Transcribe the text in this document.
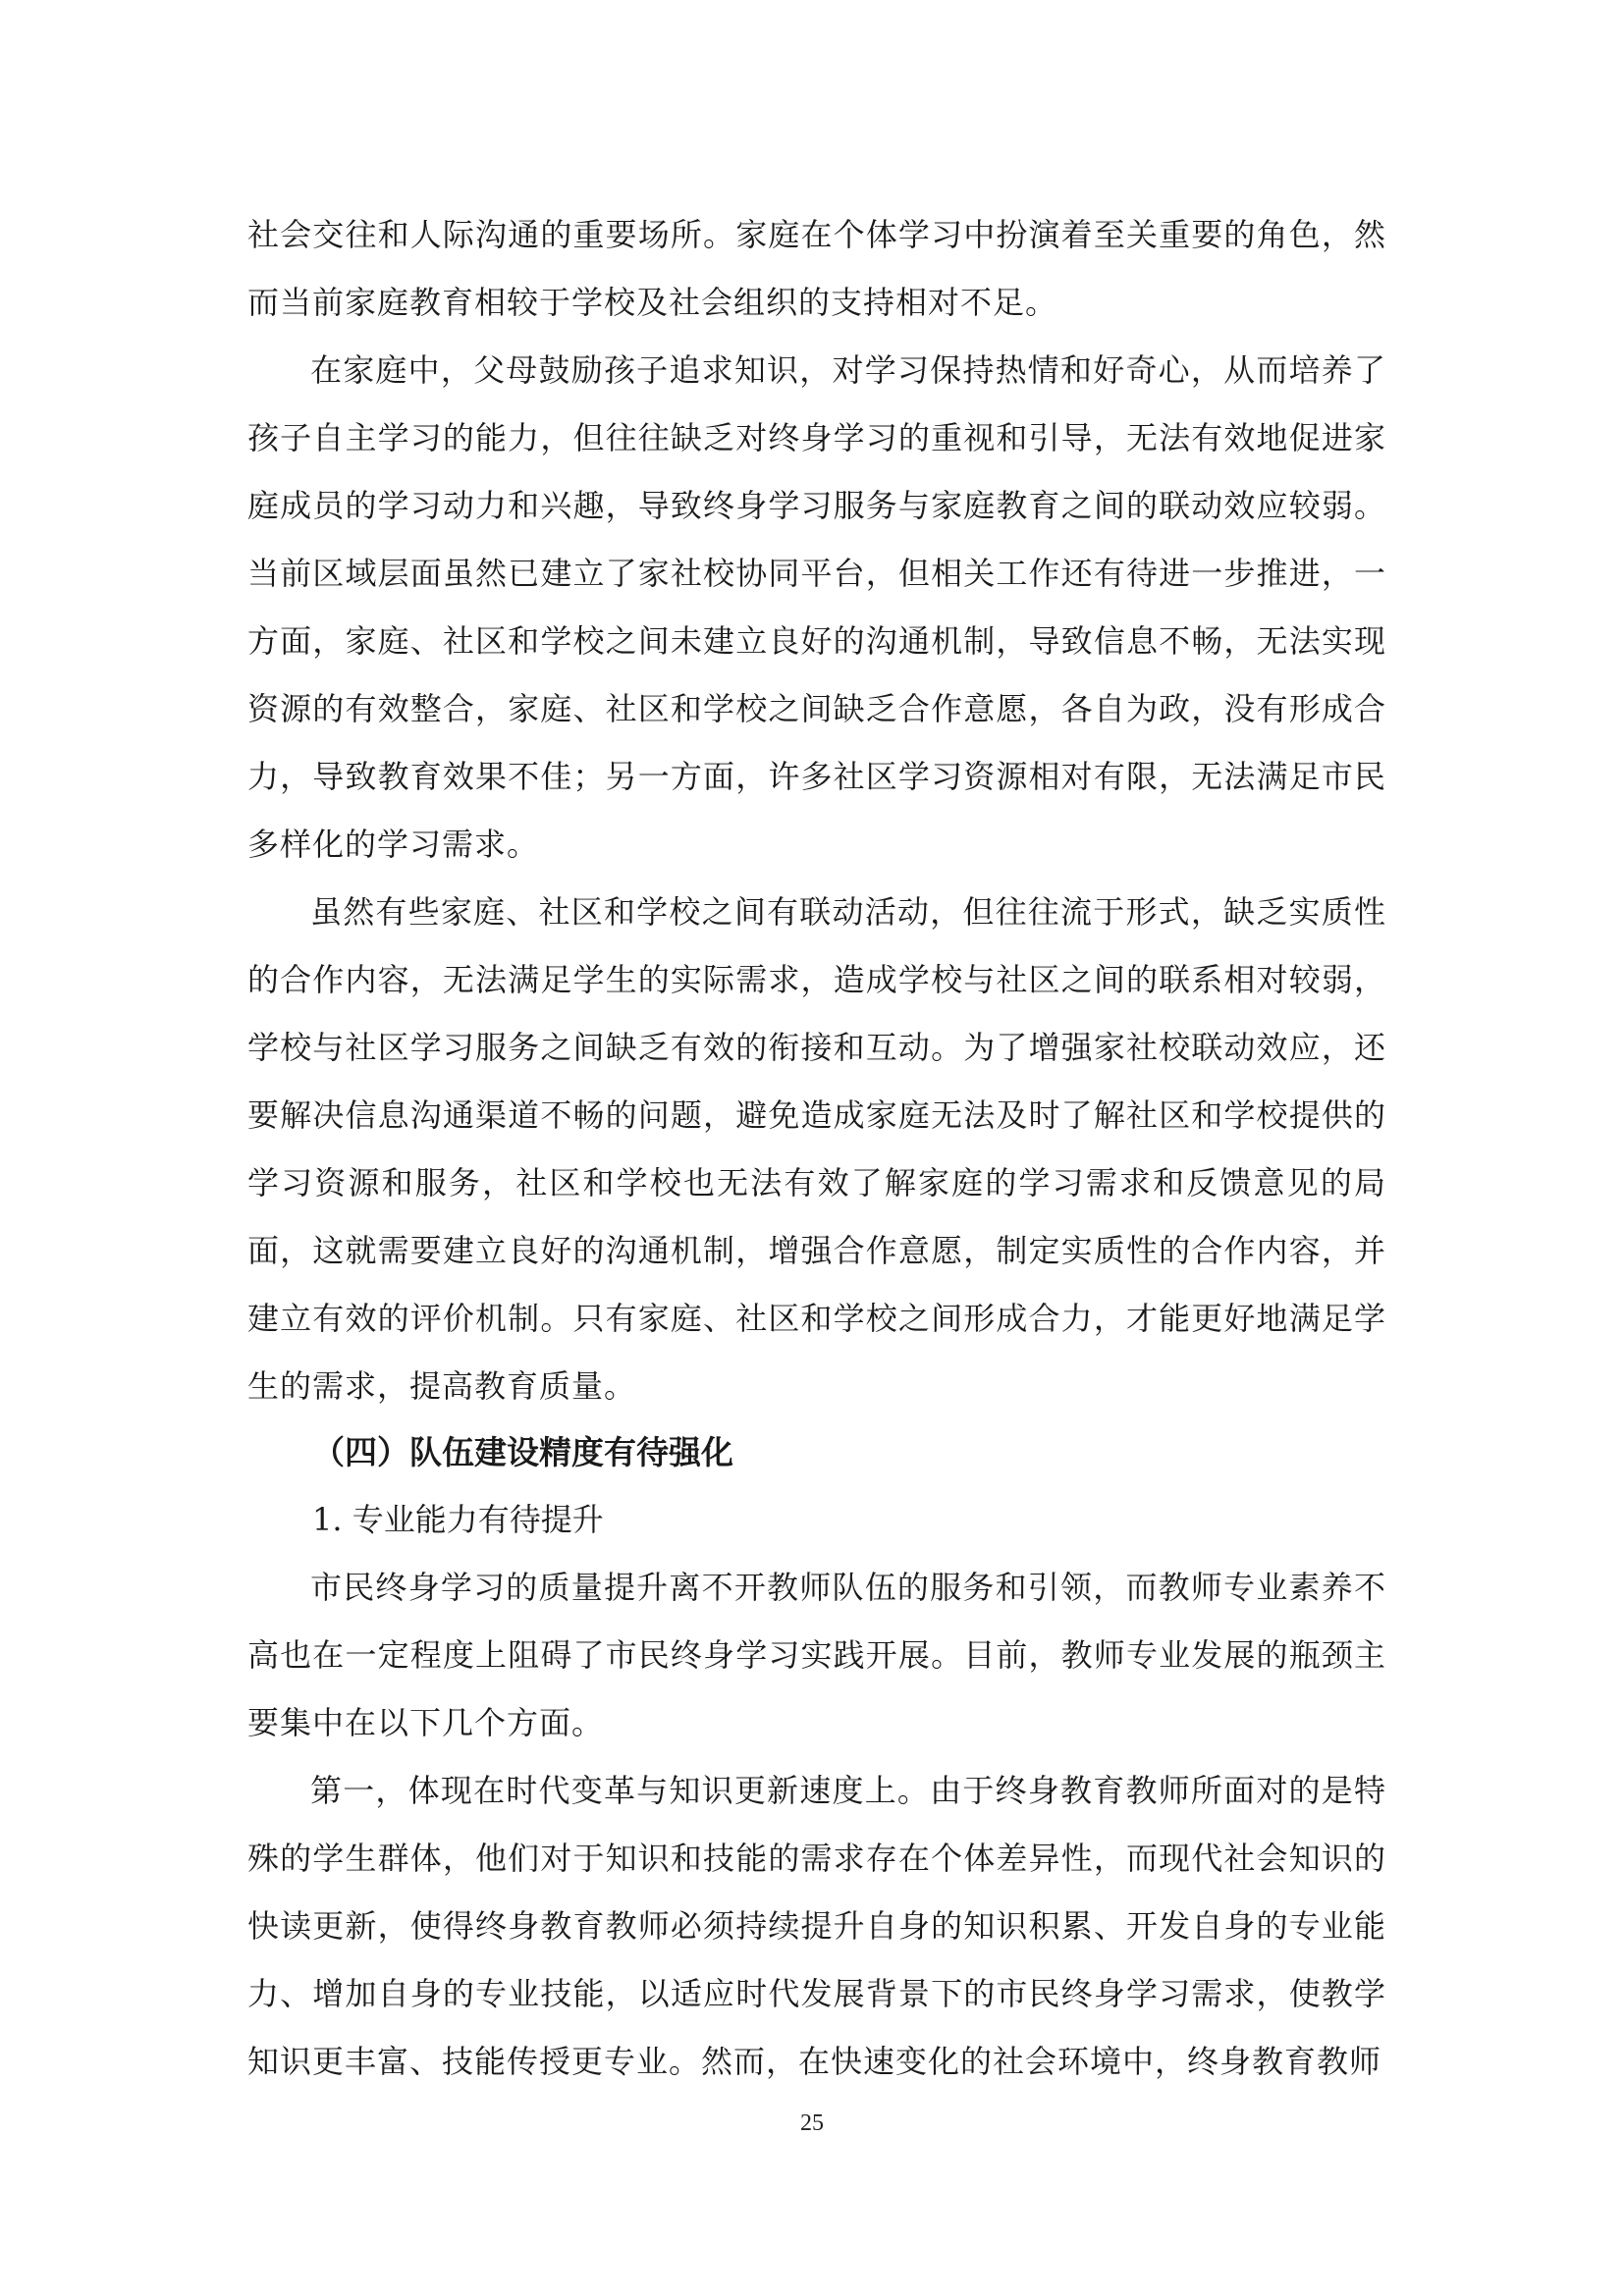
社会交往和人际沟通的重要场所。家庭在个体学习中扮演着至关重要的角色，然而当前家庭教育相较于学校及社会组织的支持相对不足。

在家庭中，父母鼓励孩子追求知识，对学习保持热情和好奇心，从而培养了孩子自主学习的能力，但往往缺乏对终身学习的重视和引导，无法有效地促进家庭成员的学习动力和兴趣，导致终身学习服务与家庭教育之间的联动效应较弱。当前区域层面虽然已建立了家社校协同平台，但相关工作还有待进一步推进，一方面，家庭、社区和学校之间未建立良好的沟通机制，导致信息不畅，无法实现资源的有效整合，家庭、社区和学校之间缺乏合作意愿，各自为政，没有形成合力，导致教育效果不佳；另一方面，许多社区学习资源相对有限，无法满足市民多样化的学习需求。

虽然有些家庭、社区和学校之间有联动活动，但往往流于形式，缺乏实质性的合作内容，无法满足学生的实际需求，造成学校与社区之间的联系相对较弱，学校与社区学习服务之间缺乏有效的衔接和互动。为了增强家社校联动效应，还要解决信息沟通渠道不畅的问题，避免造成家庭无法及时了解社区和学校提供的学习资源和服务，社区和学校也无法有效了解家庭的学习需求和反馈意见的局面，这就需要建立良好的沟通机制，增强合作意愿，制定实质性的合作内容，并建立有效的评价机制。只有家庭、社区和学校之间形成合力，才能更好地满足学生的需求，提高教育质量。

（四）队伍建设精度有待强化

1. 专业能力有待提升

市民终身学习的质量提升离不开教师队伍的服务和引领，而教师专业素养不高也在一定程度上阻碍了市民终身学习实践开展。目前，教师专业发展的瓶颈主要集中在以下几个方面。

第一，体现在时代变革与知识更新速度上。由于终身教育教师所面对的是特殊的学生群体，他们对于知识和技能的需求存在个体差异性，而现代社会知识的快读更新，使得终身教育教师必须持续提升自身的知识积累、开发自身的专业能力、增加自身的专业技能，以适应时代发展背景下的市民终身学习需求，使教学知识更丰富、技能传授更专业。然而，在快速变化的社会环境中，终身教育教师

25
